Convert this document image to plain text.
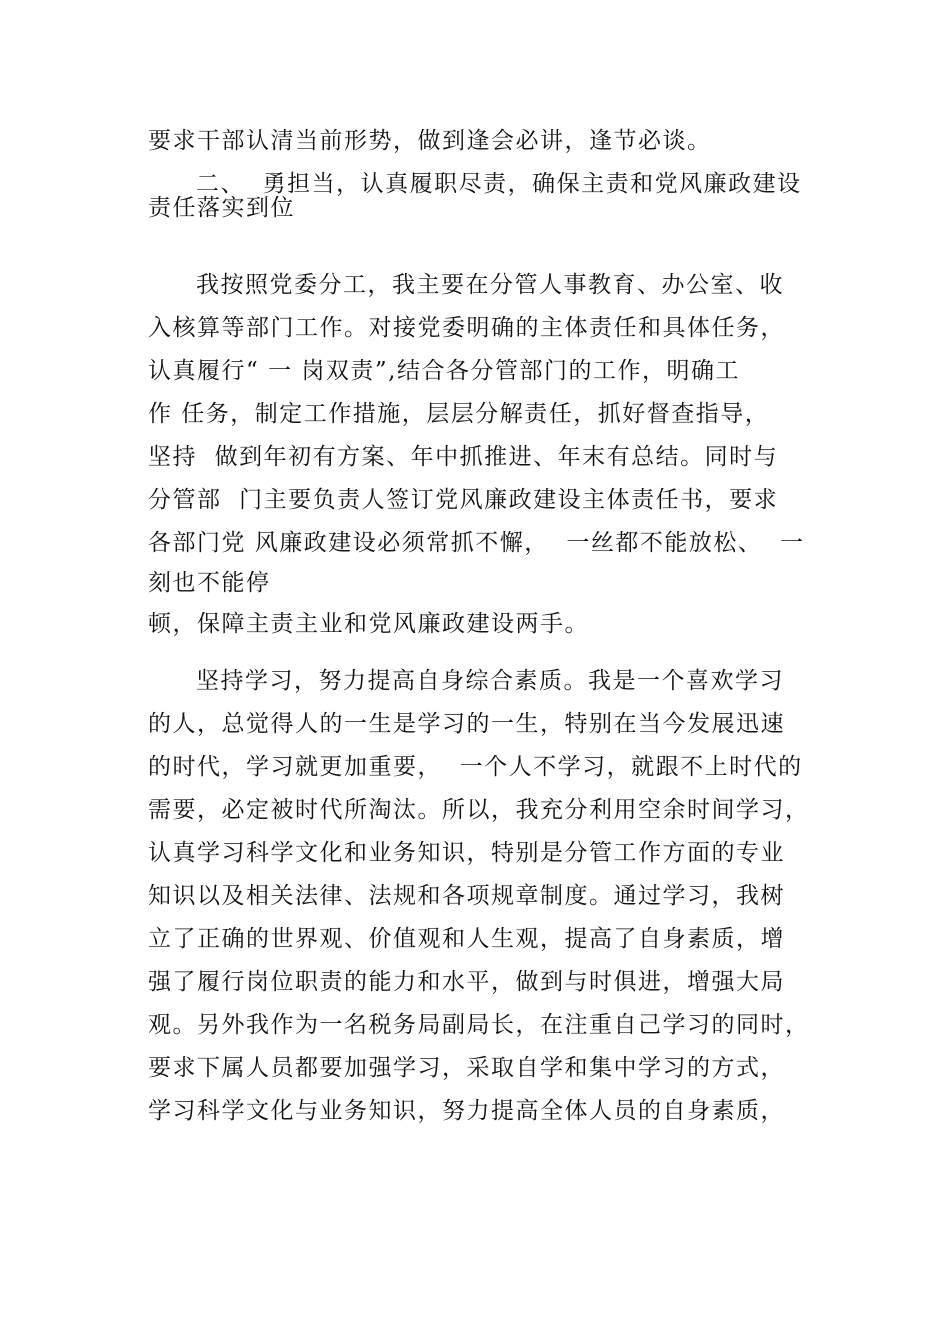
要求干部认清当前形势，做到逢会必讲，逢节必谈。
二、  勇担当，认真履职尽责，确保主责和党风廉政建设
责任落实到位
我按照党委分工，我主要在分管人事教育、办公室、收
入核算等部门工作。对接党委明确的主体责任和具体任务，
认真履行“ 一 岗双责”,结合各分管部门的工作，明确工
作 任务，制定工作措施，层层分解责任，抓好督查指导，
坚持  做到年初有方案、年中抓推进、年末有总结。同时与
分管部  门主要负责人签订党风廉政建设主体责任书，要求
各部门党 风廉政建设必须常抓不懈，  一丝都不能放松、  一
刻也不能停
顿，保障主责主业和党风廉政建设两手。
坚持学习，努力提高自身综合素质。我是一个喜欢学习
的人，总觉得人的一生是学习的一生，特别在当今发展迅速
的时代，学习就更加重要，  一个人不学习，就跟不上时代的
需要，必定被时代所淘汰。所以，我充分利用空余时间学习，
认真学习科学文化和业务知识，特别是分管工作方面的专业
知识以及相关法律、法规和各项规章制度。通过学习，我树
立了正确的世界观、价值观和人生观，提高了自身素质，增
强了履行岗位职责的能力和水平，做到与时俱进，增强大局
观。另外我作为一名税务局副局长，在注重自己学习的同时，
要求下属人员都要加强学习，采取自学和集中学习的方式，
学习科学文化与业务知识，努力提高全体人员的自身素质，
